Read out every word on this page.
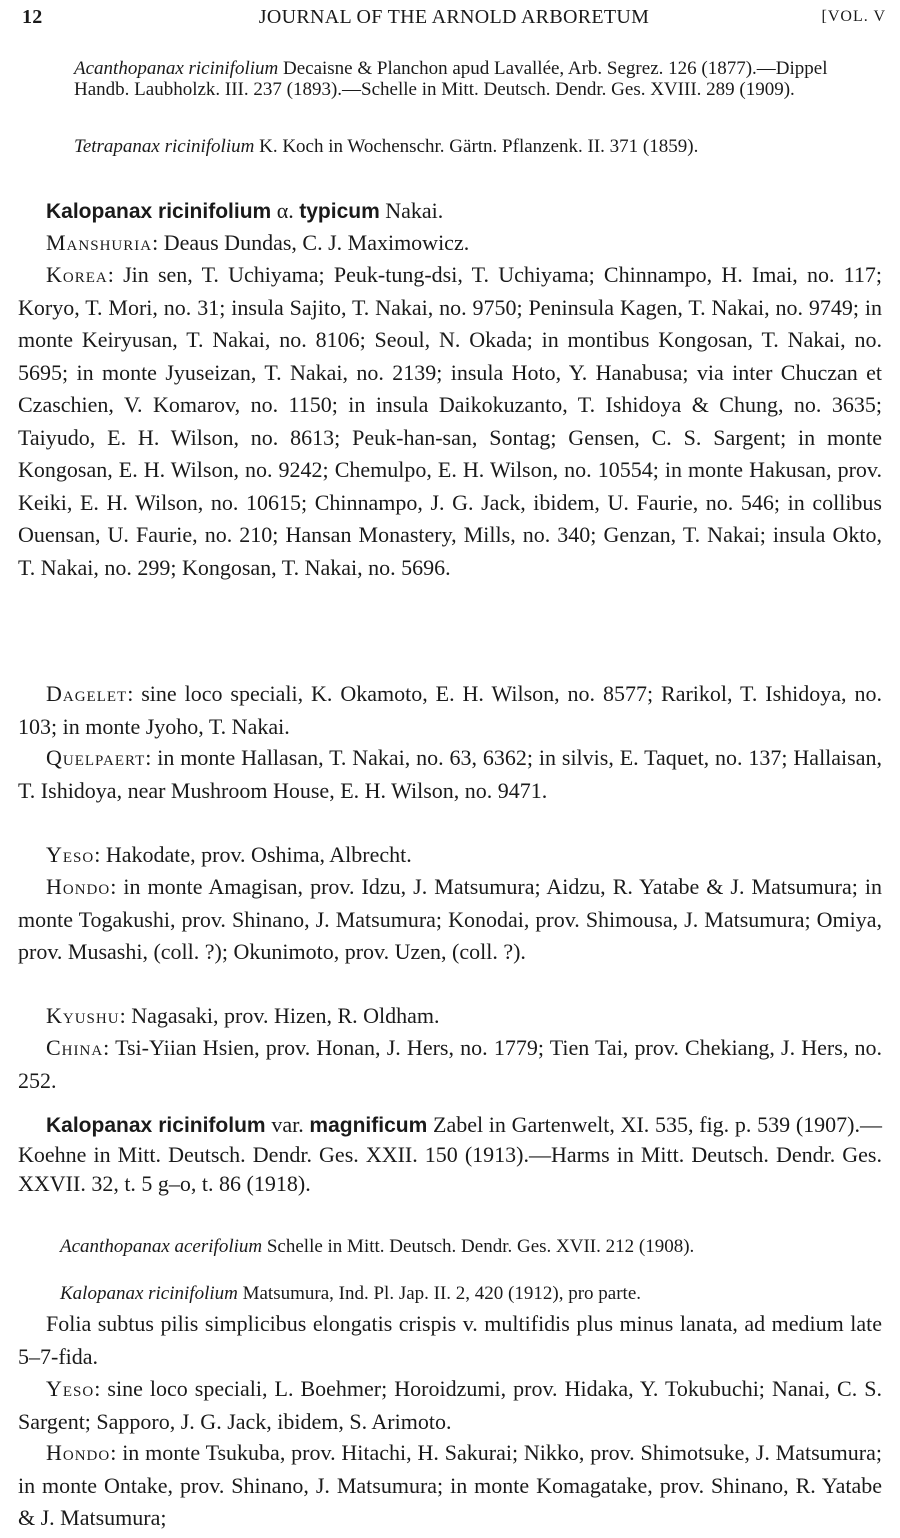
12	JOURNAL OF THE ARNOLD ARBORETUM	[VOL. V
Acanthopanax ricinifolium Decaisne & Planchon apud Lavallée, Arb. Segrez. 126 (1877).—Dippel Handb. Laubholzk. III. 237 (1893).—Schelle in Mitt. Deutsch. Dendr. Ges. XVIII. 289 (1909).
Tetrapanax ricinifolium K. Koch in Wochenschr. Gärtn. Pflanzenk. II. 371 (1859).
Kalopanax ricinifolium α. typicum Nakai.
Manshuria: Deaus Dundas, C. J. Maximowicz.
Korea: Jin sen, T. Uchiyama; Peuk-tung-dsi, T. Uchiyama; Chinnampo, H. Imai, no. 117; Koryo, T. Mori, no. 31; insula Sajito, T. Nakai, no. 9750; Peninsula Kagen, T. Nakai, no. 9749; in monte Keiryusan, T. Nakai, no. 8106; Seoul, N. Okada; in montibus Kongosan, T. Nakai, no. 5695; in monte Jyuseizan, T. Nakai, no. 2139; insula Hoto, Y. Hanabusa; via inter Chuczan et Czaschien, V. Komarov, no. 1150; in insula Daikokuzanto, T. Ishidoya & Chung, no. 3635; Taiyudo, E. H. Wilson, no. 8613; Peuk-han-san, Sontag; Gensen, C. S. Sargent; in monte Kongosan, E. H. Wilson, no. 9242; Chemulpo, E. H. Wilson, no. 10554; in monte Hakusan, prov. Keiki, E. H. Wilson, no. 10615; Chinnampo, J. G. Jack, ibidem, U. Faurie, no. 546; in collibus Ouensan, U. Faurie, no. 210; Hansan Monastery, Mills, no. 340; Genzan, T. Nakai; insula Okto, T. Nakai, no. 299; Kongosan, T. Nakai, no. 5696.
Dagelet: sine loco speciali, K. Okamoto, E. H. Wilson, no. 8577; Rarikol, T. Ishidoya, no. 103; in monte Jyoho, T. Nakai.
Quelpaert: in monte Hallasan, T. Nakai, no. 63, 6362; in silvis, E. Taquet, no. 137; Hallaisan, T. Ishidoya, near Mushroom House, E. H. Wilson, no. 9471.
Yeso: Hakodate, prov. Oshima, Albrecht.
Hondo: in monte Amagisan, prov. Idzu, J. Matsumura; Aidzu, R. Yatabe & J. Matsumura; in monte Togakushi, prov. Shinano, J. Matsumura; Konodai, prov. Shimousa, J. Matsumura; Omiya, prov. Musashi, (coll. ?); Okunimoto, prov. Uzen, (coll. ?).
Kyushu: Nagasaki, prov. Hizen, R. Oldham.
China: Tsi-Yiian Hsien, prov. Honan, J. Hers, no. 1779; Tien Tai, prov. Chekiang, J. Hers, no. 252.
Kalopanax ricinifolum var. magnificum Zabel in Gartenwelt, XI. 535, fig. p. 539 (1907).—Koehne in Mitt. Deutsch. Dendr. Ges. XXII. 150 (1913).—Harms in Mitt. Deutsch. Dendr. Ges. XXVII. 32, t. 5 g–o, t. 86 (1918).
Acanthopanax acerifolium Schelle in Mitt. Deutsch. Dendr. Ges. XVII. 212 (1908).
Kalopanax ricinifolium Matsumura, Ind. Pl. Jap. II. 2, 420 (1912), pro parte.
Folia subtus pilis simplicibus elongatis crispis v. multifidis plus minus lanata, ad medium late 5–7-fida.
Yeso: sine loco speciali, L. Boehmer; Horoidzumi, prov. Hidaka, Y. Tokubuchi; Nanai, C. S. Sargent; Sapporo, J. G. Jack, ibidem, S. Arimoto.
Hondo: in monte Tsukuba, prov. Hitachi, H. Sakurai; Nikko, prov. Shimotsuke, J. Matsumura; in monte Ontake, prov. Shinano, J. Matsumura; in monte Komagatake, prov. Shinano, R. Yatabe & J. Matsumura;
